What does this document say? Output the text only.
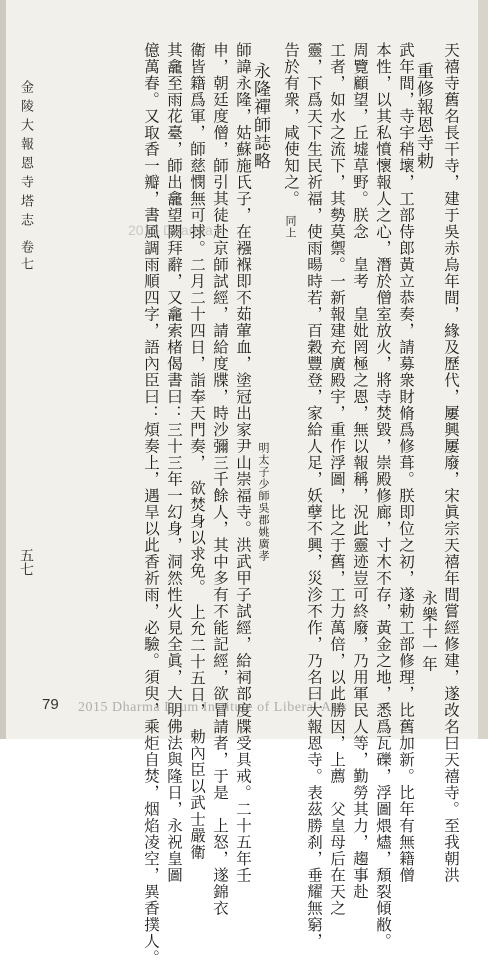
重修報恩寺勅
永樂十一年 天禧寺舊名長干寺，建于吳赤烏年間，緣及歷代，屢興屢廢，宋眞宗天禧年間嘗經修建，遂改名曰天禧寺。至我朝洪
武年間，寺宇稍壞，工部侍郎黃立恭奏，請募衆財脩爲修葺。朕即位之初，遂勅工部修理，比舊加新。比年有無籍僧
本性，以其私憤懷報人之心，潛於僧室放火，將寺焚毀，崇殿修廊，寸木不存，黃金之地，悉爲瓦礫，浮圖煨燼，頹裂傾敝。
周覽顧望，丘墟草野。朕念　皇考　皇妣罔極之恩，無以報稱，況此靈迹豈可終廢，乃用軍民人等，勤勞其力，趨事赴
工者，如水之流下，其勢莫禦。一新報建充廣殿宇，重作浮圖，比之于舊，工力萬倍，以此勝因，上薦　父皇母后在天之
靈，下爲天下生民祈福，使雨暘時若，百穀豐登，家給人足，妖孽不興，災沴不作，乃名曰大報恩寺。表茲勝刹，垂耀無窮，
告於有衆，咸使知之。
同上
永隆禪師誌略
明太子少師吳郡姚廣孝
師諱永隆，姑蘇施氏子，在襁褓即不茹葷血，塗冠出家尹山崇福寺。洪武甲子試經，給祠部度牒受具戒。二十五年壬
申，朝廷度僧，師引其徒赴京師試經，請給度牒，時沙彌三千餘人，其中多有不能記經，欲冒請者，于是　上怒，遂錦衣
衛皆籍爲軍，師慈憫無可捄。二月二十四日，詣奉天門奏，　欲焚身以求免。　上允二十五日，　勅內臣以武士嚴衛
其龕至雨花臺，師出龕望闕拜辭，又龕索楮偈書曰：三十三年一幻身，洞然性火見全眞，大明佛法與隆日，永祝皇圖
億萬春。又取香一瓣，書風調雨順四字，語內臣曰：煩奏上，遇旱以此香祈雨，必驗。須臾，乘炬自焚，烟焰凌空，異香撲人。
金陵大報恩寺塔志
卷七
五七
79 2015 Dharma Drum Institute of Liberal Arts
2015 Dharma
